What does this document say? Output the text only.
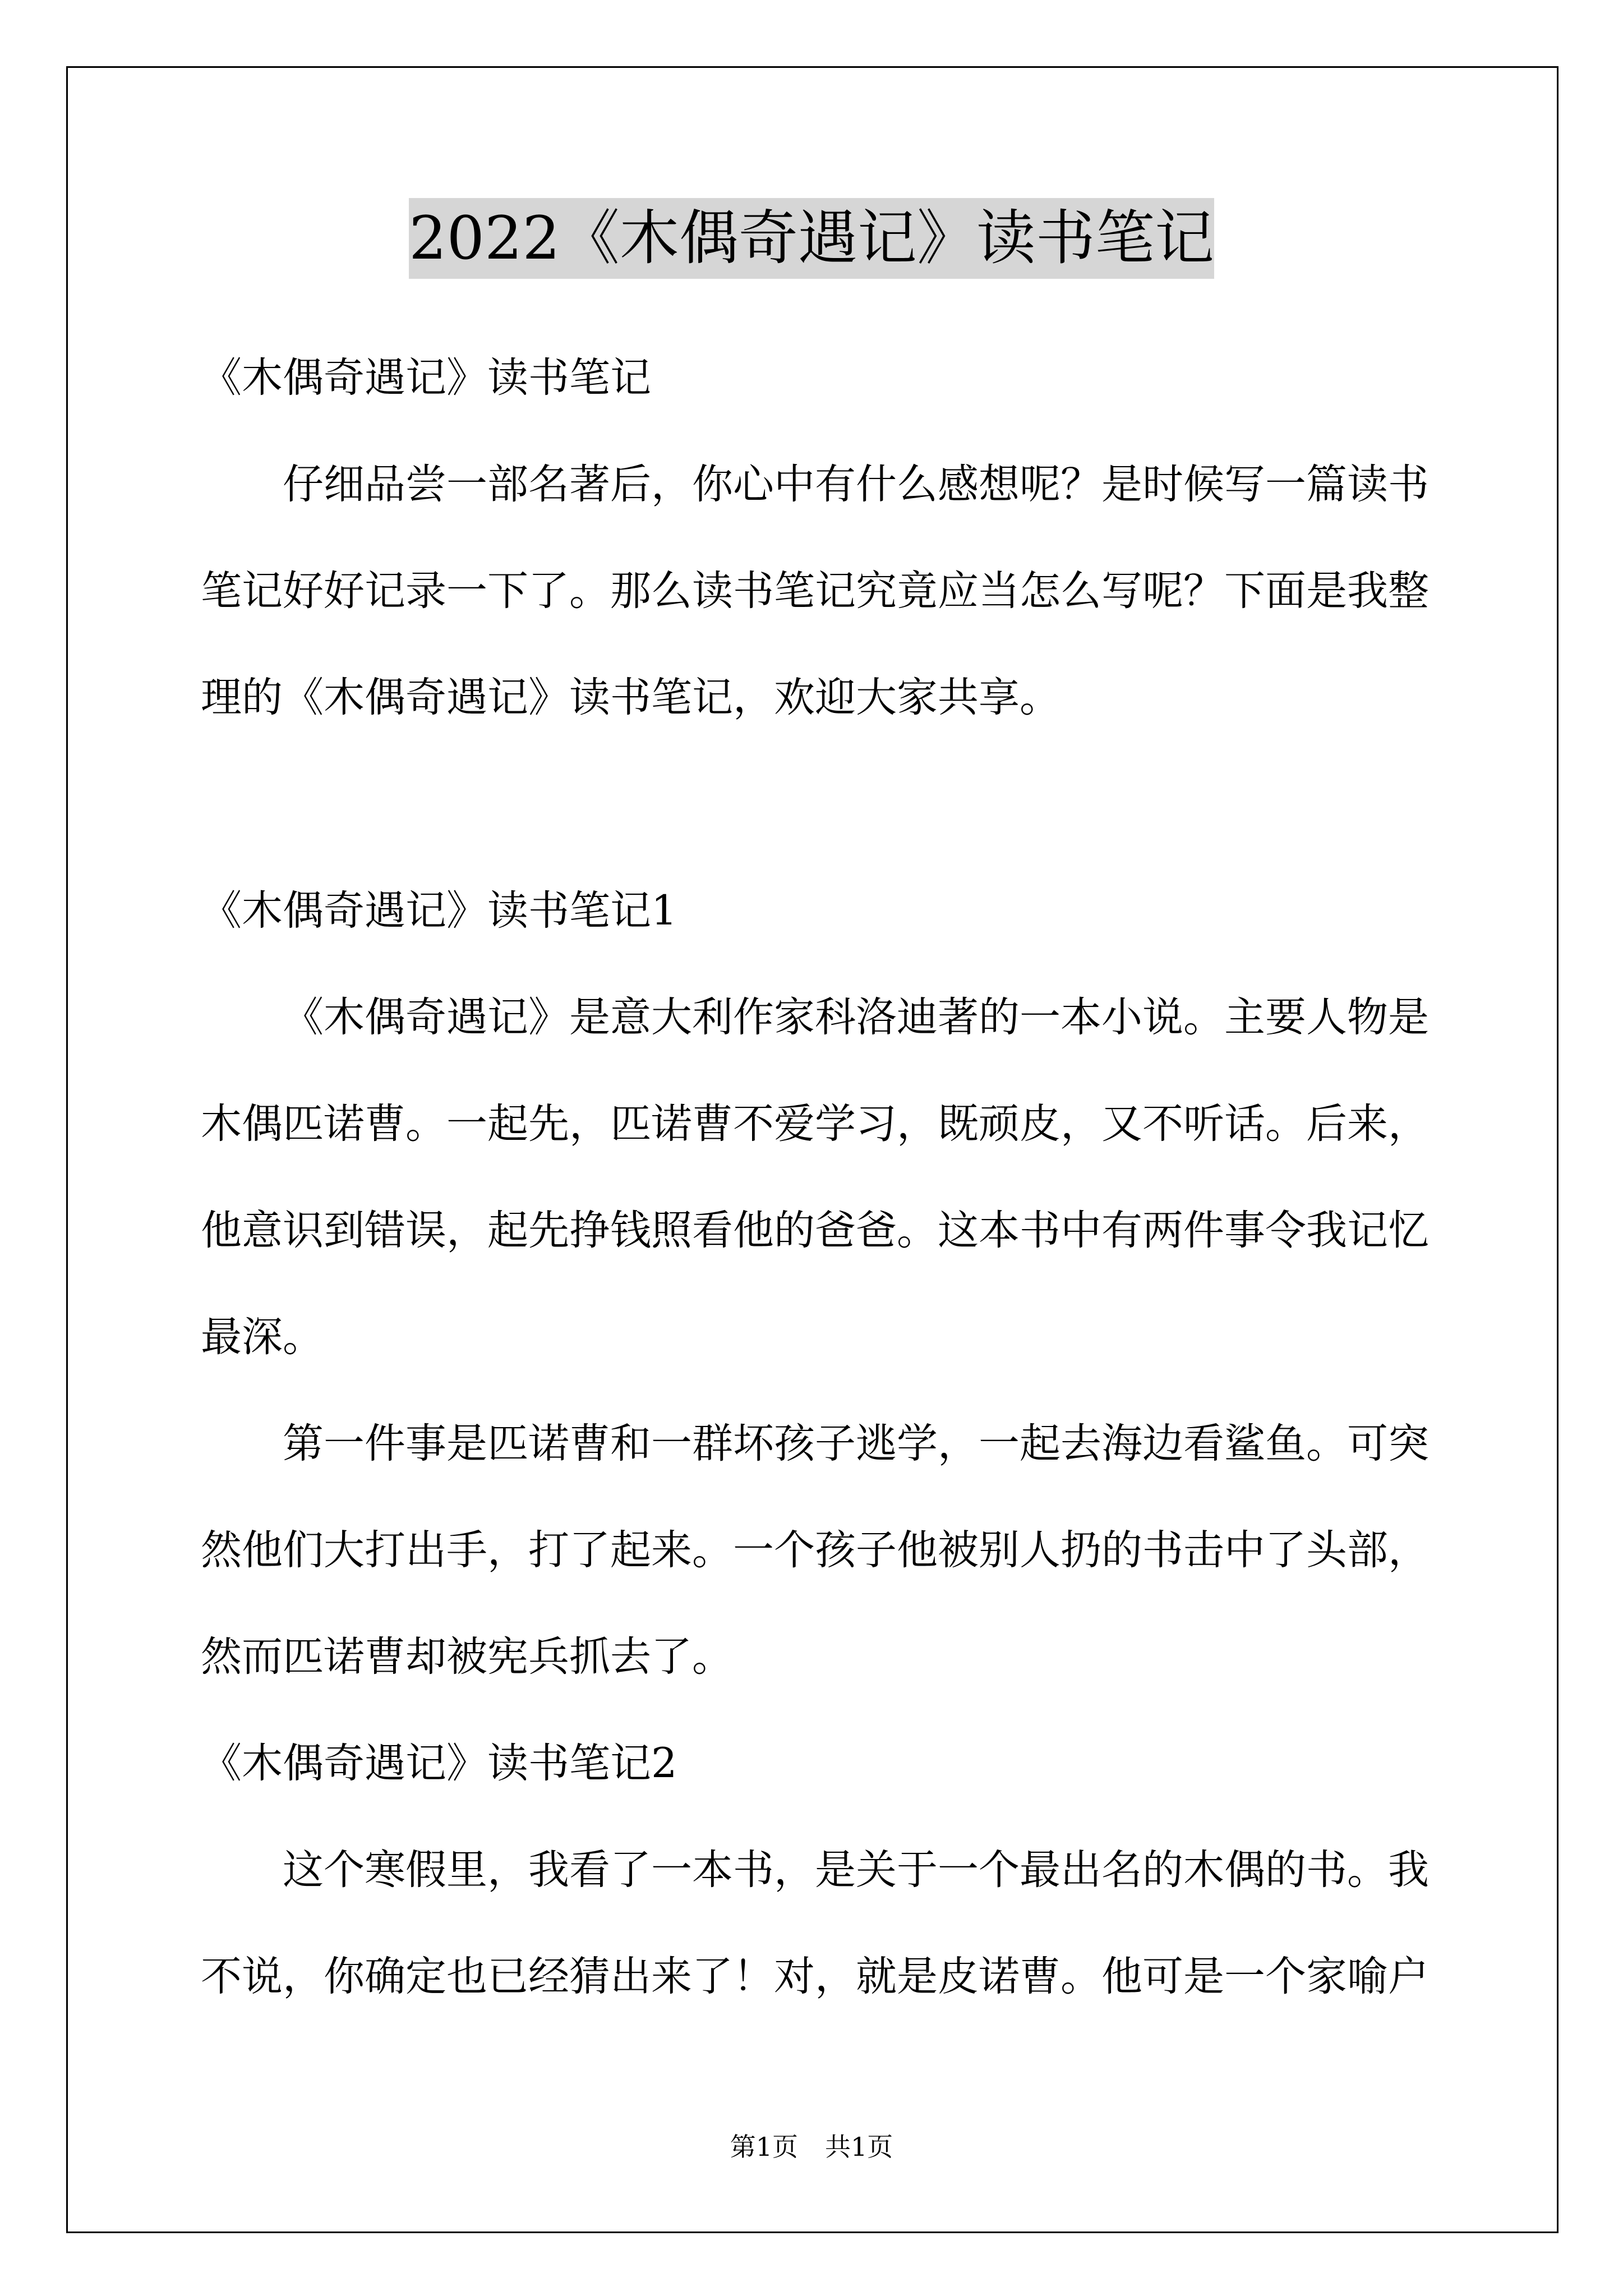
2022《木偶奇遇记》读书笔记
《木偶奇遇记》读书笔记
仔细品尝一部名著后，你心中有什么感想呢？是时候写一篇读书
笔记好好记录一下了。那么读书笔记究竟应当怎么写呢？下面是我整
理的《木偶奇遇记》读书笔记，欢迎大家共享。
《木偶奇遇记》读书笔记1
《木偶奇遇记》是意大利作家科洛迪著的一本小说。主要人物是
木偶匹诺曹。一起先，匹诺曹不爱学习，既顽皮，又不听话。后来，
他意识到错误，起先挣钱照看他的爸爸。这本书中有两件事令我记忆
最深。
第一件事是匹诺曹和一群坏孩子逃学，一起去海边看鲨鱼。可突
然他们大打出手，打了起来。一个孩子他被别人扔的书击中了头部，
然而匹诺曹却被宪兵抓去了。
《木偶奇遇记》读书笔记2
这个寒假里，我看了一本书，是关于一个最出名的木偶的书。我
不说，你确定也已经猜出来了！对，就是皮诺曹。他可是一个家喻户
第1页 共1页
